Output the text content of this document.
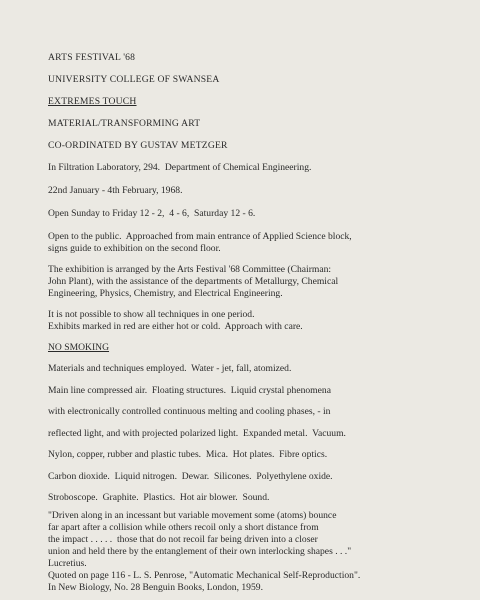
ARTS FESTIVAL '68
UNIVERSITY COLLEGE OF SWANSEA
EXTREMES TOUCH
MATERIAL/TRANSFORMING ART
CO-ORDINATED BY GUSTAV METZGER
In Filtration Laboratory, 294.  Department of Chemical Engineering.
22nd January - 4th February, 1968.
Open Sunday to Friday 12 - 2,  4 - 6,  Saturday 12 - 6.
Open to the public.  Approached from main entrance of Applied Science block,
signs guide to exhibition on the second floor.
The exhibition is arranged by the Arts Festival '68 Committee (Chairman:
John Plant), with the assistance of the departments of Metallurgy, Chemical
Engineering, Physics, Chemistry, and Electrical Engineering.
It is not possible to show all techniques in one period.
Exhibits marked in red are either hot or cold.  Approach with care.
NO SMOKING
Materials and techniques employed.  Water - jet, fall, atomized.
Main line compressed air.  Floating structures.  Liquid crystal phenomena
with electronically controlled continuous melting and cooling phases, - in
reflected light, and with projected polarized light.  Expanded metal.  Vacuum.
Nylon, copper, rubber and plastic tubes.  Mica.  Hot plates.  Fibre optics.
Carbon dioxide.  Liquid nitrogen.  Dewar.  Silicones.  Polyethylene oxide.
Stroboscope.  Graphite.  Plastics.  Hot air blower.  Sound.
"Driven along in an incessant but variable movement some (atoms) bounce
far apart after a collision while others recoil only a short distance from
the impact . . . . .  those that do not recoil far being driven into a closer
union and held there by the entanglement of their own interlocking shapes . . ."
Lucretius.
Quoted on page 116 - L. S. Penrose, "Automatic Mechanical Self-Reproduction".
In New Biology, No. 28 Benguin Books, London, 1959.
